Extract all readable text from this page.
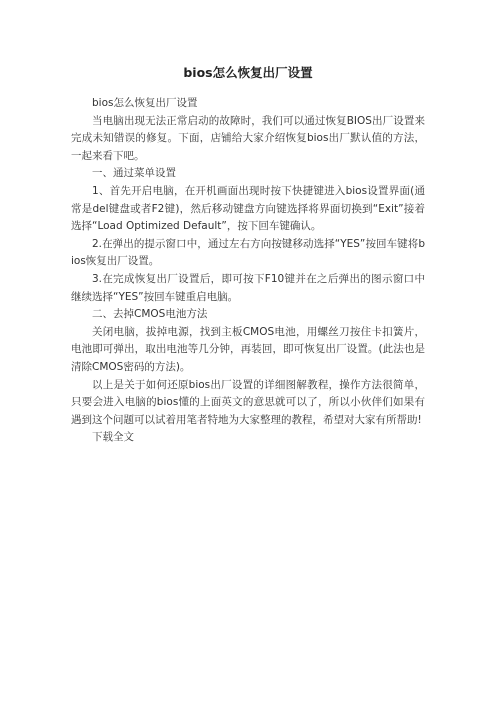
bios怎么恢复出厂设置

bios怎么恢复出厂设置

当电脑出现无法正常启动的故障时，我们可以通过恢复BIOS出厂设置来完成未知错误的修复。下面，店铺给大家介绍恢复bios出厂默认值的方法，一起来看下吧。

一、通过菜单设置

1、首先开启电脑，在开机画面出现时按下快捷键进入bios设置界面(通常是del键盘或者F2键)，然后移动键盘方向键选择将界面切换到“Exit”接着选择“Load Optimized Default”，按下回车键确认。

2.在弹出的提示窗口中，通过左右方向按键移动选择“YES”按回车键将bios恢复出厂设置。

3.在完成恢复出厂设置后，即可按下F10键并在之后弹出的图示窗口中继续选择“YES”按回车键重启电脑。

二、去掉CMOS电池方法

关闭电脑，拔掉电源，找到主板CMOS电池，用螺丝刀按住卡扣簧片，电池即可弹出，取出电池等几分钟，再装回，即可恢复出厂设置。(此法也是清除CMOS密码的方法)。

以上是关于如何还原bios出厂设置的详细图解教程，操作方法很简单，只要会进入电脑的bios懂的上面英文的意思就可以了，所以小伙伴们如果有遇到这个问题可以试着用笔者特地为大家整理的教程，希望对大家有所帮助!

下载全文
